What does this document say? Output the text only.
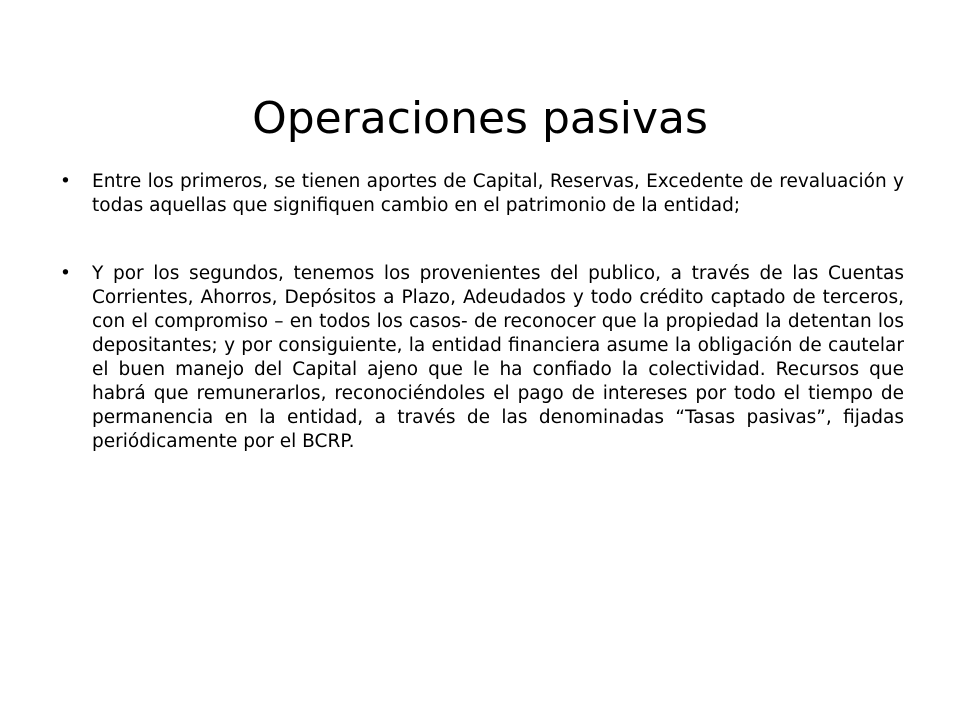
Operaciones pasivas

• Entre los primeros, se tienen aportes de Capital, Reservas, Excedente de revaluación y todas aquellas que signifiquen cambio en el patrimonio de la entidad;

• Y por los segundos, tenemos los provenientes del publico, a través de las Cuentas Corrientes, Ahorros, Depósitos a Plazo, Adeudados y todo crédito captado de terceros, con el compromiso – en todos los casos- de reconocer que la propiedad la detentan los depositantes; y por consiguiente, la entidad financiera asume la obligación de cautelar el buen manejo del Capital ajeno que le ha confiado la colectividad. Recursos que habrá que remunerarlos, reconociéndoles el pago de intereses por todo el tiempo de permanencia en la entidad, a través de las denominadas “Tasas pasivas”, fijadas periódicamente por el BCRP.
